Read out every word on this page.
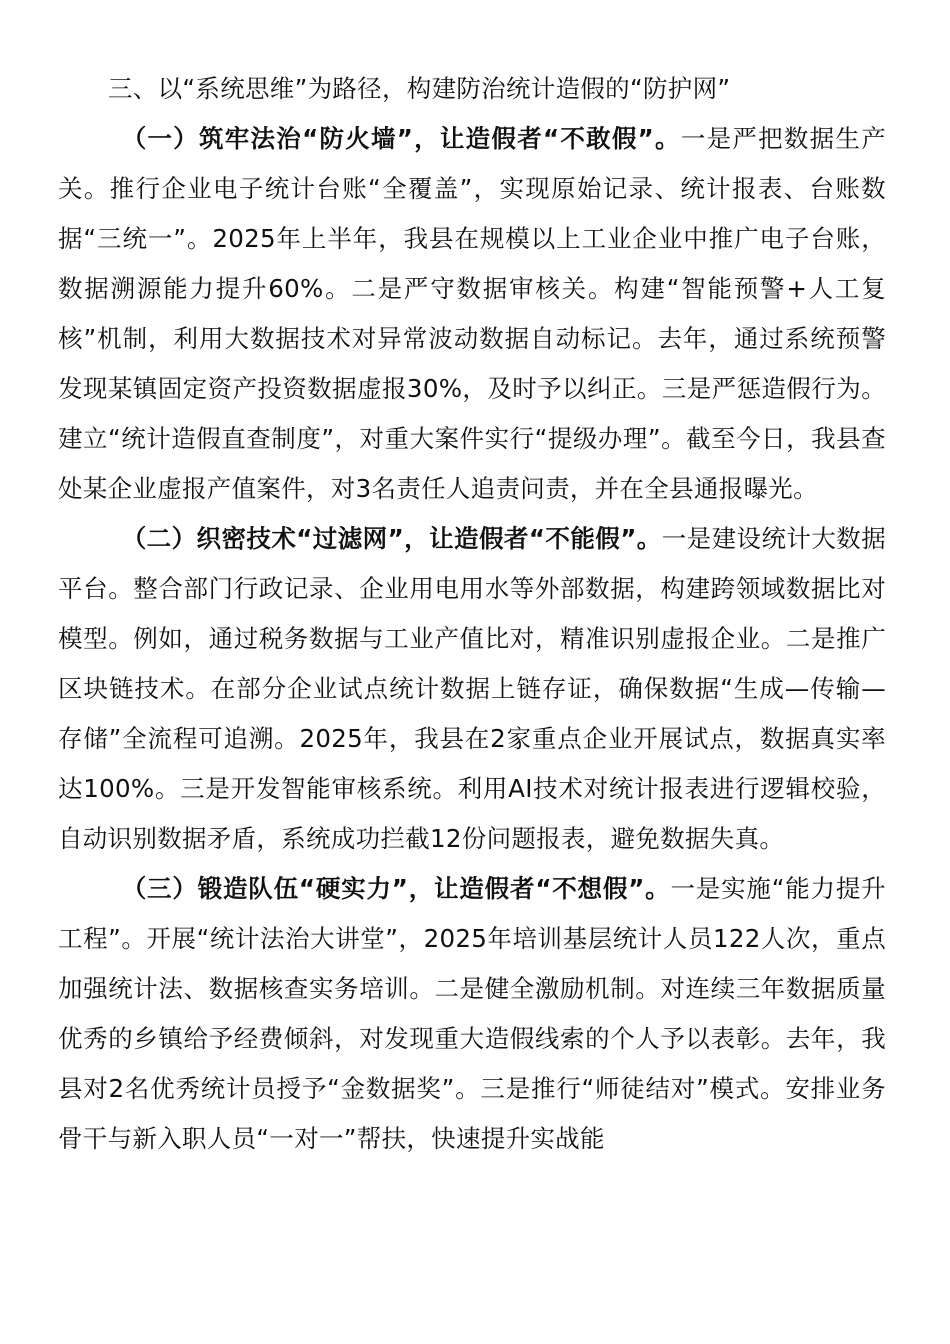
三、以“系统思维”为路径，构建防治统计造假的“防护网”

（一）筑牢法治“防火墙”，让造假者“不敢假”。一是严把数据生产关。推行企业电子统计台账“全覆盖”，实现原始记录、统计报表、台账数据“三统一”。2025年上半年，我县在规模以上工业企业中推广电子台账，数据溯源能力提升60%。二是严守数据审核关。构建“智能预警+人工复核”机制，利用大数据技术对异常波动数据自动标记。去年，通过系统预警发现某镇固定资产投资数据虚报30%，及时予以纠正。三是严惩造假行为。建立“统计造假直查制度”，对重大案件实行“提级办理”。截至今日，我县查处某企业虚报产值案件，对3名责任人追责问责，并在全县通报曝光。

（二）织密技术“过滤网”，让造假者“不能假”。一是建设统计大数据平台。整合部门行政记录、企业用电用水等外部数据，构建跨领域数据比对模型。例如，通过税务数据与工业产值比对，精准识别虚报企业。二是推广区块链技术。在部分企业试点统计数据上链存证，确保数据“生成—传输—存储”全流程可追溯。2025年，我县在2家重点企业开展试点，数据真实率达100%。三是开发智能审核系统。利用AI技术对统计报表进行逻辑校验，自动识别数据矛盾，系统成功拦截12份问题报表，避免数据失真。

（三）锻造队伍“硬实力”，让造假者“不想假”。一是实施“能力提升工程”。开展“统计法治大讲堂”，2025年培训基层统计人员122人次，重点加强统计法、数据核查实务培训。二是健全激励机制。对连续三年数据质量优秀的乡镇给予经费倾斜，对发现重大造假线索的个人予以表彰。去年，我县对2名优秀统计员授予“金数据奖”。三是推行“师徒结对”模式。安排业务骨干与新入职人员“一对一”帮扶，快速提升实战能
